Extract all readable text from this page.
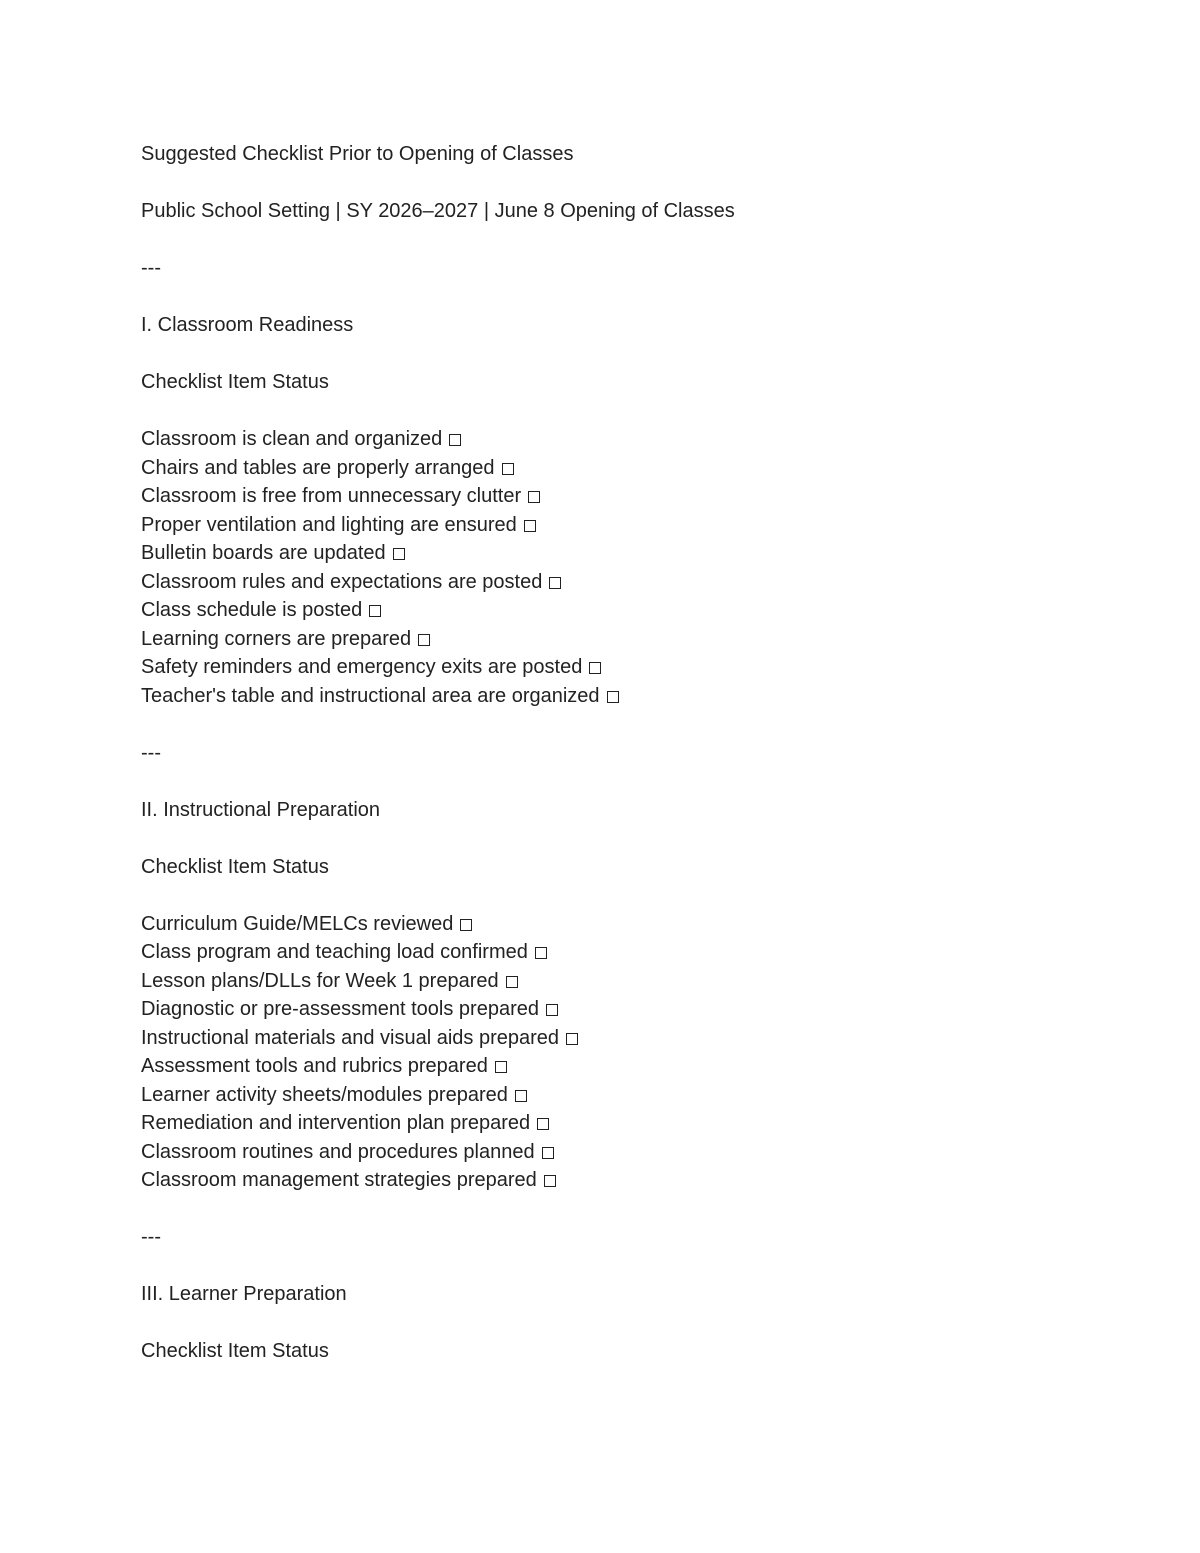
Suggested Checklist Prior to Opening of Classes
Public School Setting | SY 2026–2027 | June 8 Opening of Classes
---
I. Classroom Readiness
Checklist Item Status
Classroom is clean and organized
Chairs and tables are properly arranged
Classroom is free from unnecessary clutter
Proper ventilation and lighting are ensured
Bulletin boards are updated
Classroom rules and expectations are posted
Class schedule is posted
Learning corners are prepared
Safety reminders and emergency exits are posted
Teacher's table and instructional area are organized
---
II. Instructional Preparation
Checklist Item Status
Curriculum Guide/MELCs reviewed
Class program and teaching load confirmed
Lesson plans/DLLs for Week 1 prepared
Diagnostic or pre-assessment tools prepared
Instructional materials and visual aids prepared
Assessment tools and rubrics prepared
Learner activity sheets/modules prepared
Remediation and intervention plan prepared
Classroom routines and procedures planned
Classroom management strategies prepared
---
III. Learner Preparation
Checklist Item Status
